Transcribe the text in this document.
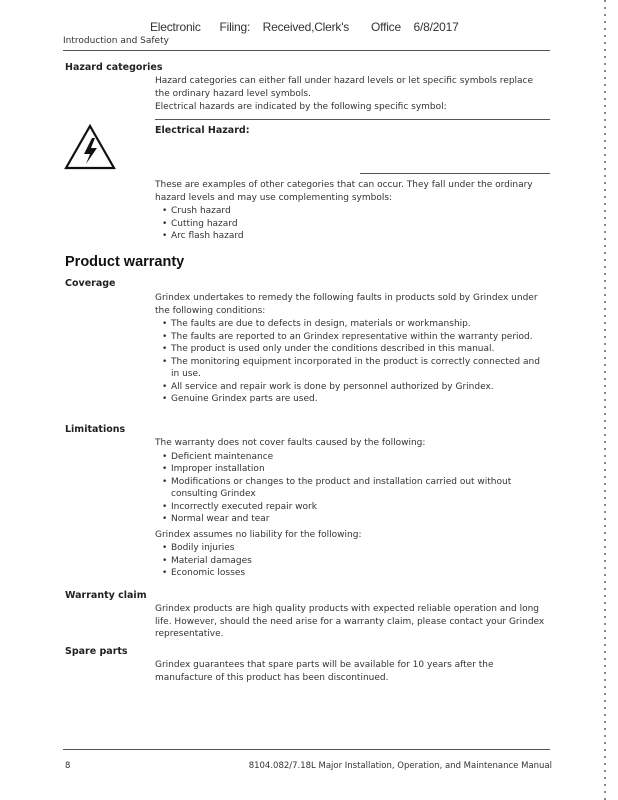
Electronic      Filing:    Received,Clerk's       Office    6/8/2017
Introduction and Safety
Hazard categories

Hazard categories can either fall under hazard levels or let specific symbols replace the ordinary hazard level symbols.

Electrical hazards are indicated by the following specific symbol:

Electrical Hazard:

These are examples of other categories that can occur. They fall under the ordinary hazard levels and may use complementing symbols:

• Crush hazard
• Cutting hazard
• Arc flash hazard
Product warranty
Coverage

Grindex undertakes to remedy the following faults in products sold by Grindex under the following conditions:

• The faults are due to defects in design, materials or workmanship.
• The faults are reported to an Grindex representative within the warranty period.
• The product is used only under the conditions described in this manual.
• The monitoring equipment incorporated in the product is correctly connected and in use.
• All service and repair work is done by personnel authorized by Grindex.
• Genuine Grindex parts are used.
Limitations

The warranty does not cover faults caused by the following:

• Deficient maintenance
• Improper installation
• Modifications or changes to the product and installation carried out without consulting Grindex
• Incorrectly executed repair work
• Normal wear and tear

Grindex assumes no liability for the following:

• Bodily injuries
• Material damages
• Economic losses
Warranty claim

Grindex products are high quality products with expected reliable operation and long life. However, should the need arise for a warranty claim, please contact your Grindex representative.

Spare parts

Grindex guarantees that spare parts will be available for 10 years after the manufacture of this product has been discontinued.

8	8104.082/7.18L Major Installation, Operation, and Maintenance Manual
